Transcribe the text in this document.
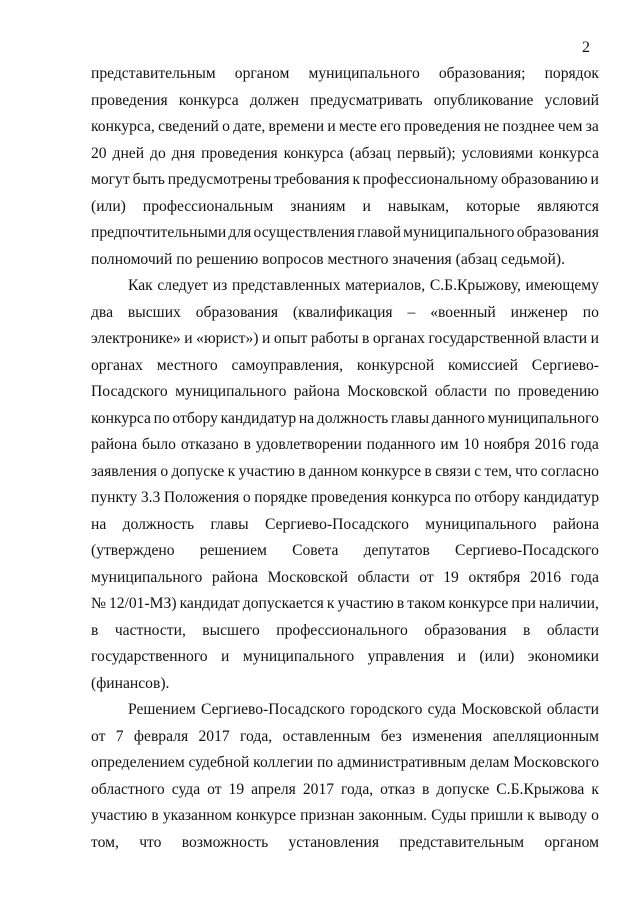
2
представительным органом муниципального образования; порядок
проведения конкурса должен предусматривать опубликование условий
конкурса, сведений о дате, времени и месте его проведения не позднее чем за
20 дней до дня проведения конкурса (абзац первый); условиями конкурса
могут быть предусмотрены требования к профессиональному образованию и
(или) профессиональным знаниям и навыкам, которые являются
предпочтительными для осуществления главой муниципального образования
полномочий по решению вопросов местного значения (абзац седьмой).
Как следует из представленных материалов, С.Б.Крыжову, имеющему
два высших образования (квалификация – «военный инженер по
электронике» и «юрист») и опыт работы в органах государственной власти и
органах местного самоуправления, конкурсной комиссией Сергиево-
Посадского муниципального района Московской области по проведению
конкурса по отбору кандидатур на должность главы данного муниципального
района было отказано в удовлетворении поданного им 10 ноября 2016 года
заявления о допуске к участию в данном конкурсе в связи с тем, что согласно
пункту 3.3 Положения о порядке проведения конкурса по отбору кандидатур
на должность главы Сергиево-Посадского муниципального района
(утверждено решением Совета депутатов Сергиево-Посадского
муниципального района Московской области от 19 октября 2016 года
№ 12/01-МЗ) кандидат допускается к участию в таком конкурсе при наличии,
в частности, высшего профессионального образования в области
государственного и муниципального управления и (или) экономики
(финансов).
Решением Сергиево-Посадского городского суда Московской области
от 7 февраля 2017 года, оставленным без изменения апелляционным
определением судебной коллегии по административным делам Московского
областного суда от 19 апреля 2017 года, отказ в допуске С.Б.Крыжова к
участию в указанном конкурсе признан законным. Суды пришли к выводу о
том, что возможность установления представительным органом
